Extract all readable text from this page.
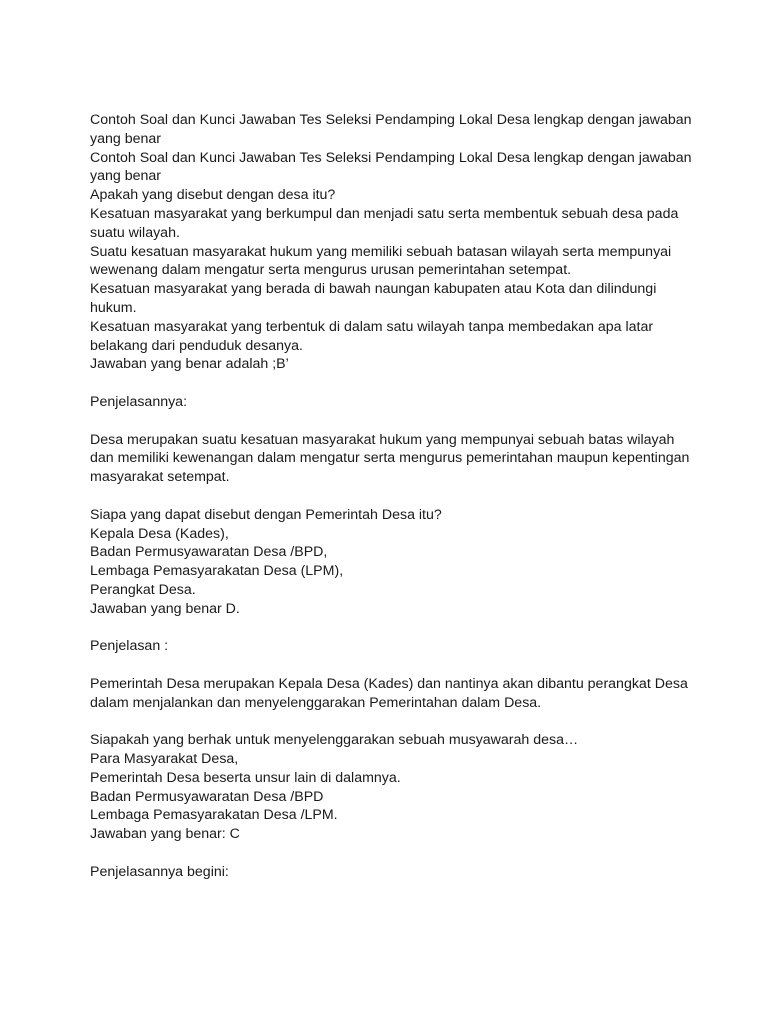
Contoh Soal dan Kunci Jawaban Tes Seleksi Pendamping Lokal Desa lengkap dengan jawaban
yang benar
Contoh Soal dan Kunci Jawaban Tes Seleksi Pendamping Lokal Desa lengkap dengan jawaban
yang benar
Apakah yang disebut dengan desa itu?
Kesatuan masyarakat yang berkumpul dan menjadi satu serta membentuk sebuah desa pada
suatu wilayah.
Suatu kesatuan masyarakat hukum yang memiliki sebuah batasan wilayah serta mempunyai
wewenang dalam mengatur serta mengurus urusan pemerintahan setempat.
Kesatuan masyarakat yang berada di bawah naungan kabupaten atau Kota dan dilindungi
hukum.
Kesatuan masyarakat yang terbentuk di dalam satu wilayah tanpa membedakan apa latar
belakang dari penduduk desanya.
Jawaban yang benar adalah ;B’
Penjelasannya:
Desa merupakan suatu kesatuan masyarakat hukum yang mempunyai sebuah batas wilayah
dan memiliki kewenangan dalam mengatur serta mengurus pemerintahan maupun kepentingan
masyarakat setempat.
Siapa yang dapat disebut dengan Pemerintah Desa itu?
Kepala Desa (Kades),
Badan Permusyawaratan Desa /BPD,
Lembaga Pemasyarakatan Desa (LPM),
Perangkat Desa.
Jawaban yang benar D.
Penjelasan :
Pemerintah Desa merupakan Kepala Desa (Kades) dan nantinya akan dibantu perangkat Desa
dalam menjalankan dan menyelenggarakan Pemerintahan dalam Desa.
Siapakah yang berhak untuk menyelenggarakan sebuah musyawarah desa…
Para Masyarakat Desa,
Pemerintah Desa beserta unsur lain di dalamnya.
Badan Permusyawaratan Desa /BPD
Lembaga Pemasyarakatan Desa /LPM.
Jawaban yang benar: C
Penjelasannya begini:
